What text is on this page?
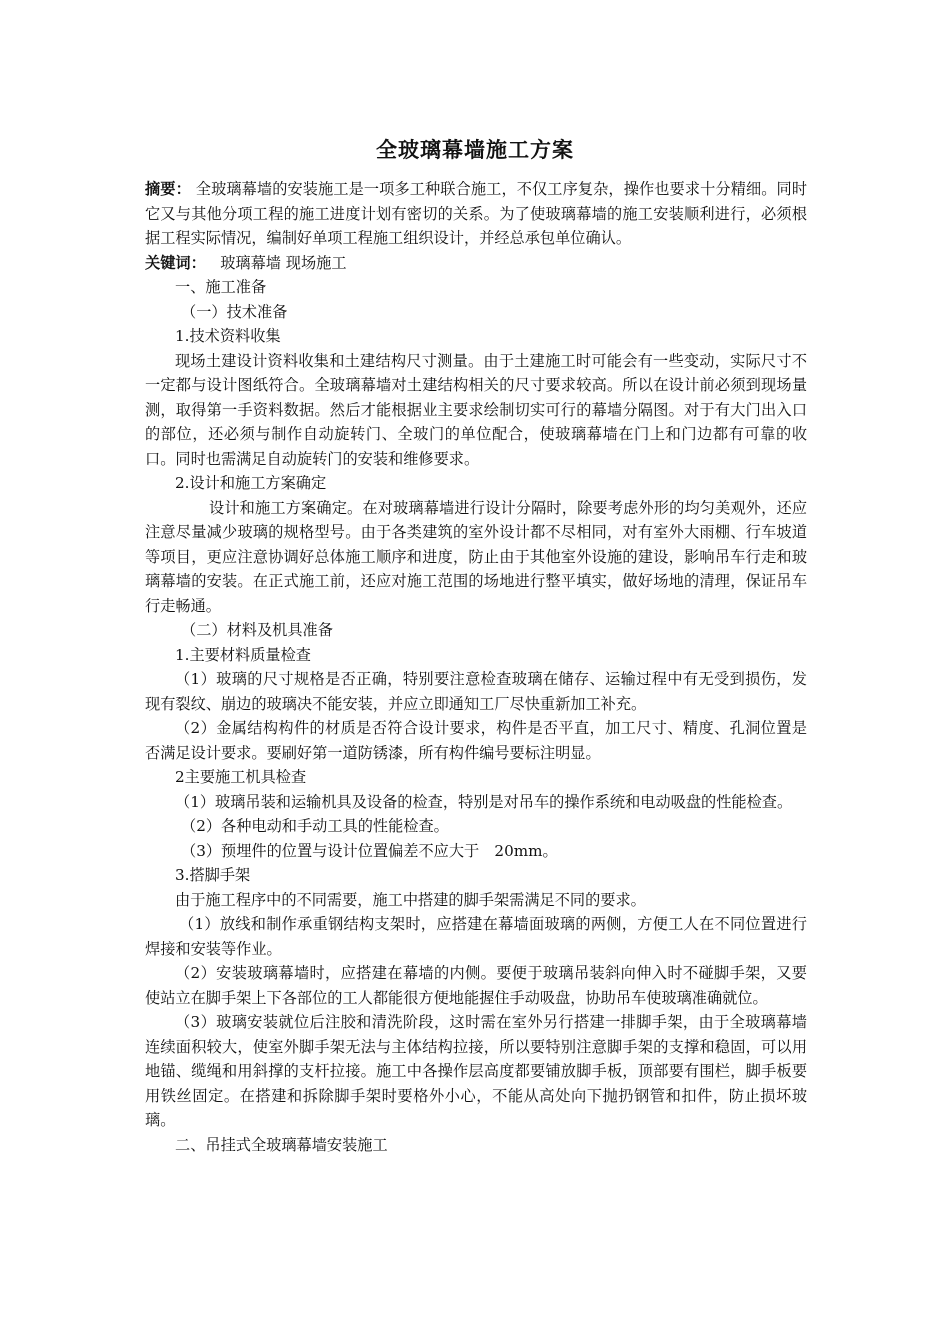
全玻璃幕墙施工方案

摘要： 全玻璃幕墙的安装施工是一项多工种联合施工，不仅工序复杂，操作也要求十分精细。同时它又与其他分项工程的施工进度计划有密切的关系。为了使玻璃幕墙的施工安装顺利进行，必须根据工程实际情况，编制好单项工程施工组织设计，并经总承包单位确认。

关键词：   玻璃幕墙 现场施工

一、施工准备

（一）技术准备

1.技术资料收集

现场土建设计资料收集和土建结构尺寸测量。由于土建施工时可能会有一些变动，实际尺寸不一定都与设计图纸符合。全玻璃幕墙对土建结构相关的尺寸要求较高。所以在设计前必须到现场量测，取得第一手资料数据。然后才能根据业主要求绘制切实可行的幕墙分隔图。对于有大门出入口的部位，还必须与制作自动旋转门、全玻门的单位配合，使玻璃幕墙在门上和门边都有可靠的收口。同时也需满足自动旋转门的安装和维修要求。

2.设计和施工方案确定

设计和施工方案确定。在对玻璃幕墙进行设计分隔时，除要考虑外形的均匀美观外，还应注意尽量减少玻璃的规格型号。由于各类建筑的室外设计都不尽相同，对有室外大雨棚、行车坡道等项目，更应注意协调好总体施工顺序和进度，防止由于其他室外设施的建设，影响吊车行走和玻璃幕墙的安装。在正式施工前，还应对施工范围的场地进行整平填实，做好场地的清理，保证吊车行走畅通。

（二）材料及机具准备

1.主要材料质量检查

（1）玻璃的尺寸规格是否正确，特别要注意检查玻璃在储存、运输过程中有无受到损伤，发现有裂纹、崩边的玻璃决不能安装，并应立即通知工厂尽快重新加工补充。

（2）金属结构构件的材质是否符合设计要求，构件是否平直，加工尺寸、精度、孔洞位置是否满足设计要求。要刷好第一道防锈漆，所有构件编号要标注明显。

2主要施工机具检查

（1）玻璃吊装和运输机具及设备的检查，特别是对吊车的操作系统和电动吸盘的性能检查。

（2）各种电动和手动工具的性能检查。

（3）预埋件的位置与设计位置偏差不应大于　20mm。

3.搭脚手架

由于施工程序中的不同需要，施工中搭建的脚手架需满足不同的要求。

（1）放线和制作承重钢结构支架时，应搭建在幕墙面玻璃的两侧，方便工人在不同位置进行焊接和安装等作业。

（2）安装玻璃幕墙时，应搭建在幕墙的内侧。要便于玻璃吊装斜向伸入时不碰脚手架，又要使站立在脚手架上下各部位的工人都能很方便地能握住手动吸盘，协助吊车使玻璃准确就位。

（3）玻璃安装就位后注胶和清洗阶段，这时需在室外另行搭建一排脚手架，由于全玻璃幕墙连续面积较大，使室外脚手架无法与主体结构拉接，所以要特别注意脚手架的支撑和稳固，可以用地锚、缆绳和用斜撑的支杆拉接。施工中各操作层高度都要铺放脚手板，顶部要有围栏，脚手板要用铁丝固定。在搭建和拆除脚手架时要格外小心，不能从高处向下抛扔钢管和扣件，防止损坏玻璃。

二、吊挂式全玻璃幕墙安装施工
